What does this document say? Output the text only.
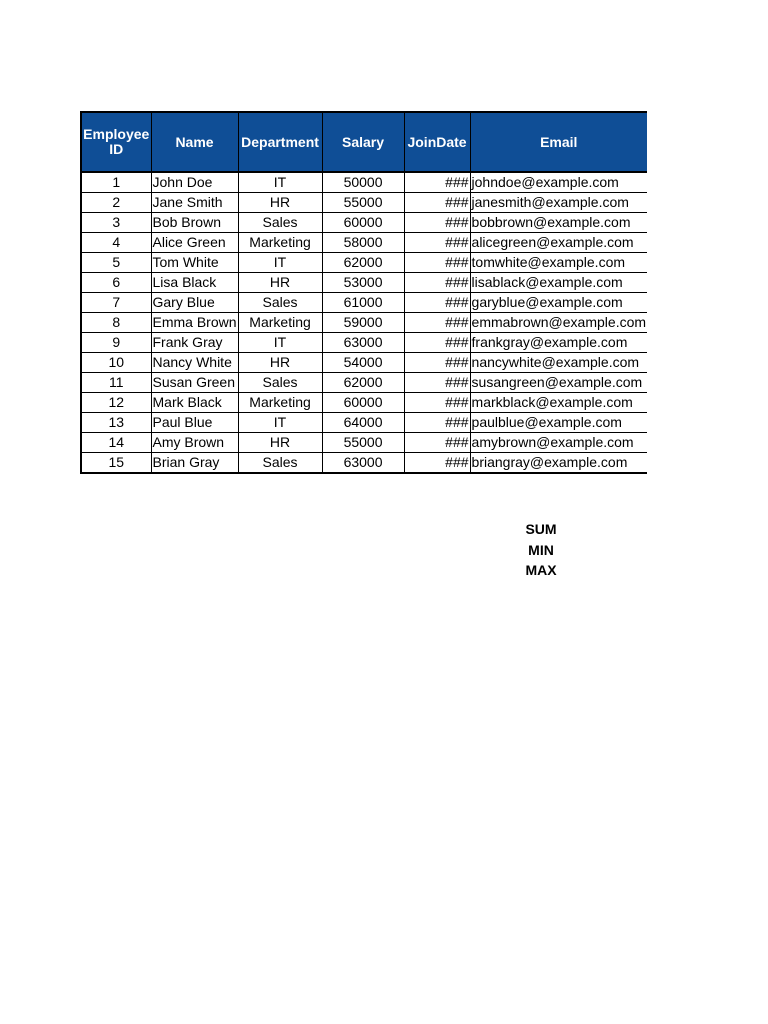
Employee ID	Name	Department	Salary	JoinDate	Email
1	John Doe	IT	50000	###	johndoe@example.com
2	Jane Smith	HR	55000	###	janesmith@example.com
3	Bob Brown	Sales	60000	###	bobbrown@example.com
4	Alice Green	Marketing	58000	###	alicegreen@example.com
5	Tom White	IT	62000	###	tomwhite@example.com
6	Lisa Black	HR	53000	###	lisablack@example.com
7	Gary Blue	Sales	61000	###	garyblue@example.com
8	Emma Brown	Marketing	59000	###	emmabrown@example.com
9	Frank Gray	IT	63000	###	frankgray@example.com
10	Nancy White	HR	54000	###	nancywhite@example.com
11	Susan Green	Sales	62000	###	susangreen@example.com
12	Mark Black	Marketing	60000	###	markblack@example.com
13	Paul Blue	IT	64000	###	paulblue@example.com
14	Amy Brown	HR	55000	###	amybrown@example.com
15	Brian Gray	Sales	63000	###	briangray@example.com
SUM
MIN
MAX
